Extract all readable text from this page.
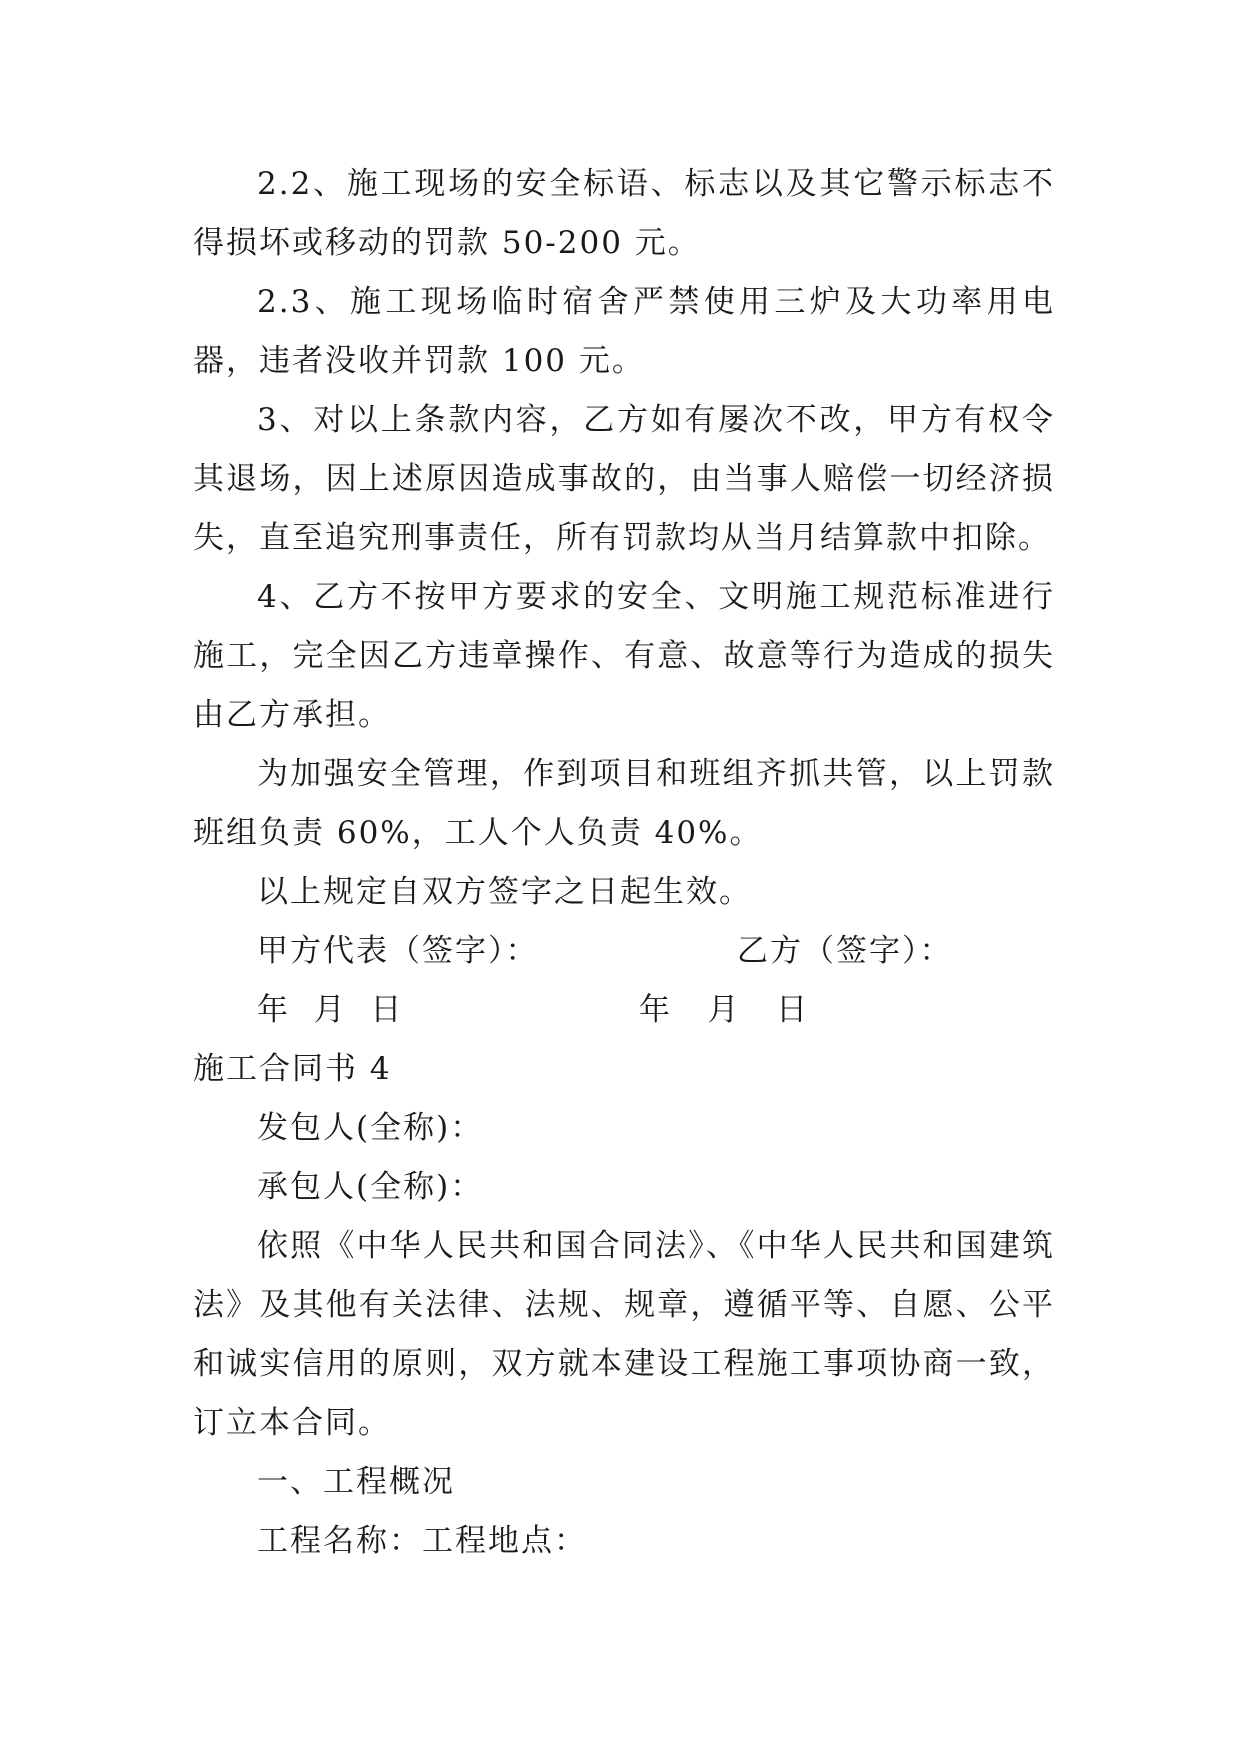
2.2、施工现场的安全标语、标志以及其它警示标志不得损坏或移动的罚款 50-200 元。

2.3、施工现场临时宿舍严禁使用三炉及大功率用电器，违者没收并罚款 100 元。

3、对以上条款内容，乙方如有屡次不改，甲方有权令其退场，因上述原因造成事故的，由当事人赔偿一切经济损失，直至追究刑事责任，所有罚款均从当月结算款中扣除。

4、乙方不按甲方要求的安全、文明施工规范标准进行施工，完全因乙方违章操作、有意、故意等行为造成的损失由乙方承担。

为加强安全管理，作到项目和班组齐抓共管，以上罚款班组负责 60%，工人个人负责 40%。

以上规定自双方签字之日起生效。

甲方代表（签字）：	乙方（签字）：
年  月  日	年   月   日

施工合同书 4

发包人(全称)：

承包人(全称)：

依照《中华人民共和国合同法》、《中华人民共和国建筑法》及其他有关法律、法规、规章，遵循平等、自愿、公平和诚实信用的原则，双方就本建设工程施工事项协商一致，订立本合同。

一、工程概况

工程名称：工程地点：
